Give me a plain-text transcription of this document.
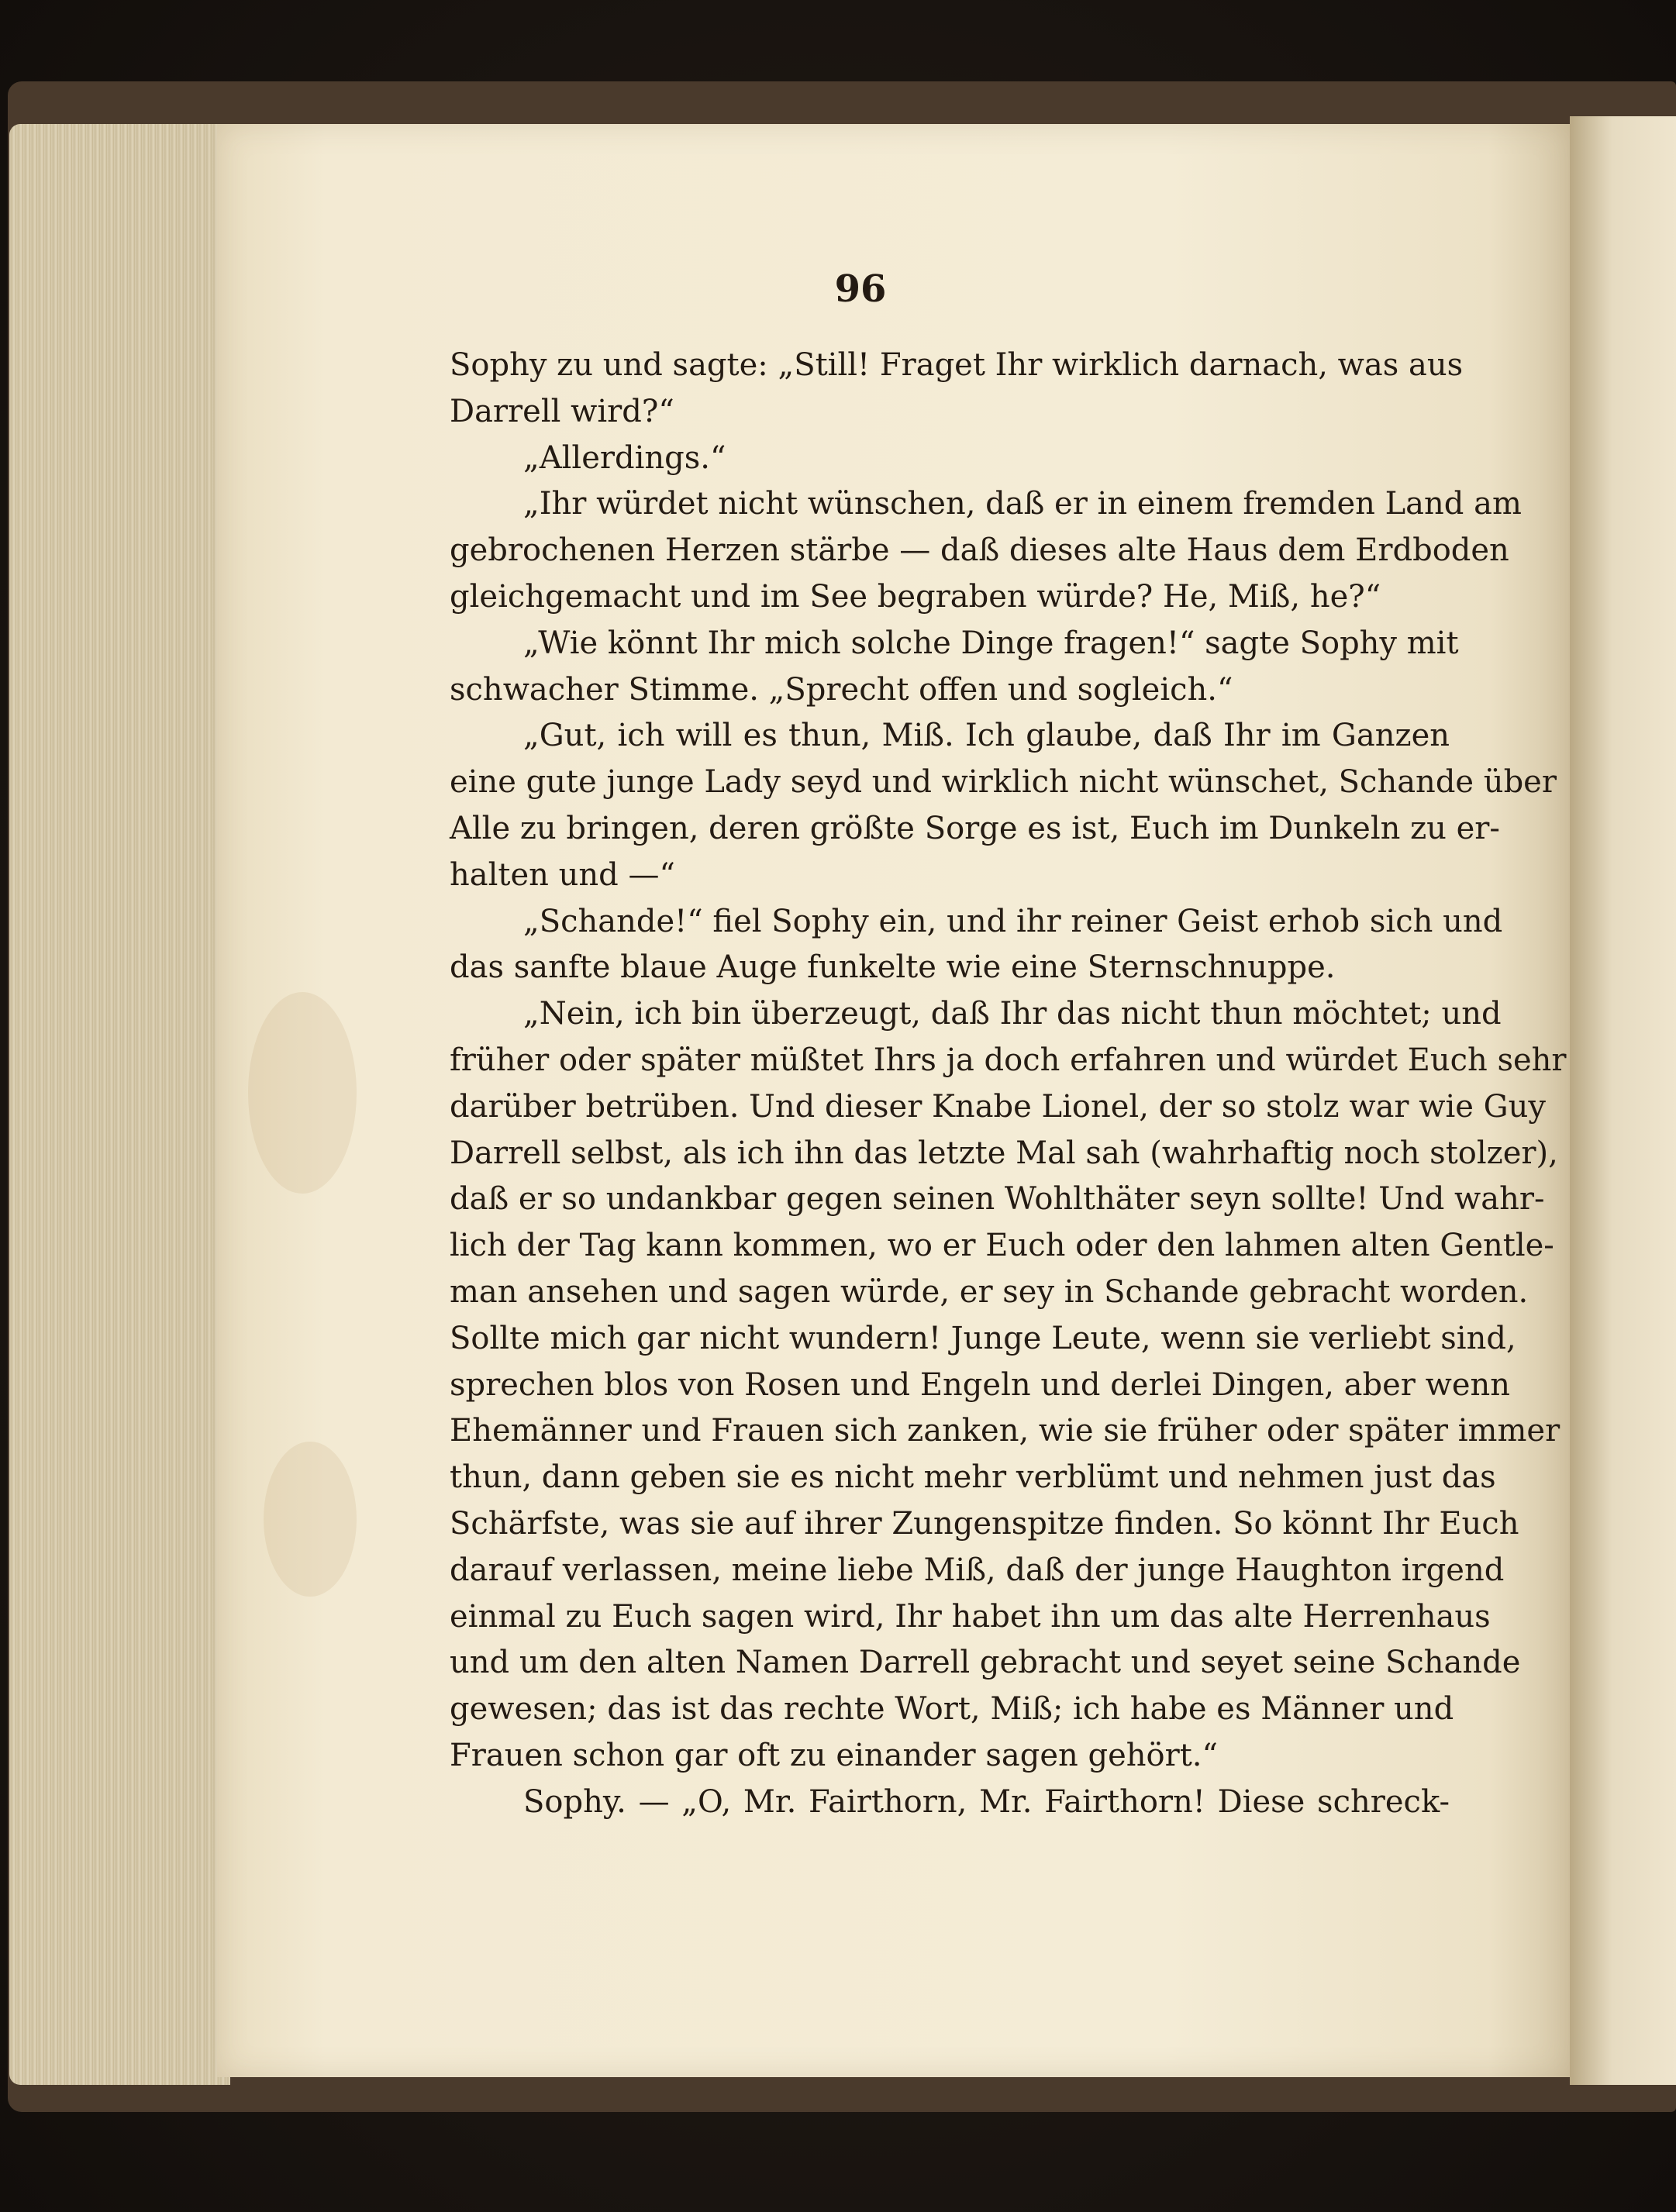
96
Sophy zu und sagte: „Still! Fraget Ihr wirklich darnach, was aus
Darrell wird?“
„Allerdings.“
„Ihr würdet nicht wünschen, daß er in einem fremden Land am
gebrochenen Herzen stärbe — daß dieses alte Haus dem Erdboden
gleichgemacht und im See begraben würde? He, Miß, he?“
„Wie könnt Ihr mich solche Dinge fragen!“ sagte Sophy mit
schwacher Stimme. „Sprecht offen und sogleich.“
„Gut, ich will es thun, Miß. Ich glaube, daß Ihr im Ganzen
eine gute junge Lady seyd und wirklich nicht wünschet, Schande über
Alle zu bringen, deren größte Sorge es ist, Euch im Dunkeln zu er-
halten und —“
„Schande!“ fiel Sophy ein, und ihr reiner Geist erhob sich und
das sanfte blaue Auge funkelte wie eine Sternschnuppe.
„Nein, ich bin überzeugt, daß Ihr das nicht thun möchtet; und
früher oder später müßtet Ihrs ja doch erfahren und würdet Euch sehr
darüber betrüben. Und dieser Knabe Lionel, der so stolz war wie Guy
Darrell selbst, als ich ihn das letzte Mal sah (wahrhaftig noch stolzer),
daß er so undankbar gegen seinen Wohlthäter seyn sollte! Und wahr-
lich der Tag kann kommen, wo er Euch oder den lahmen alten Gentle-
man ansehen und sagen würde, er sey in Schande gebracht worden.
Sollte mich gar nicht wundern! Junge Leute, wenn sie verliebt sind,
sprechen blos von Rosen und Engeln und derlei Dingen, aber wenn
Ehemänner und Frauen sich zanken, wie sie früher oder später immer
thun, dann geben sie es nicht mehr verblümt und nehmen just das
Schärfste, was sie auf ihrer Zungenspitze finden. So könnt Ihr Euch
darauf verlassen, meine liebe Miß, daß der junge Haughton irgend
einmal zu Euch sagen wird, Ihr habet ihn um das alte Herrenhaus
und um den alten Namen Darrell gebracht und seyet seine Schande
gewesen; das ist das rechte Wort, Miß; ich habe es Männer und
Frauen schon gar oft zu einander sagen gehört.“
Sophy. — „O, Mr. Fairthorn, Mr. Fairthorn! Diese schreck-
